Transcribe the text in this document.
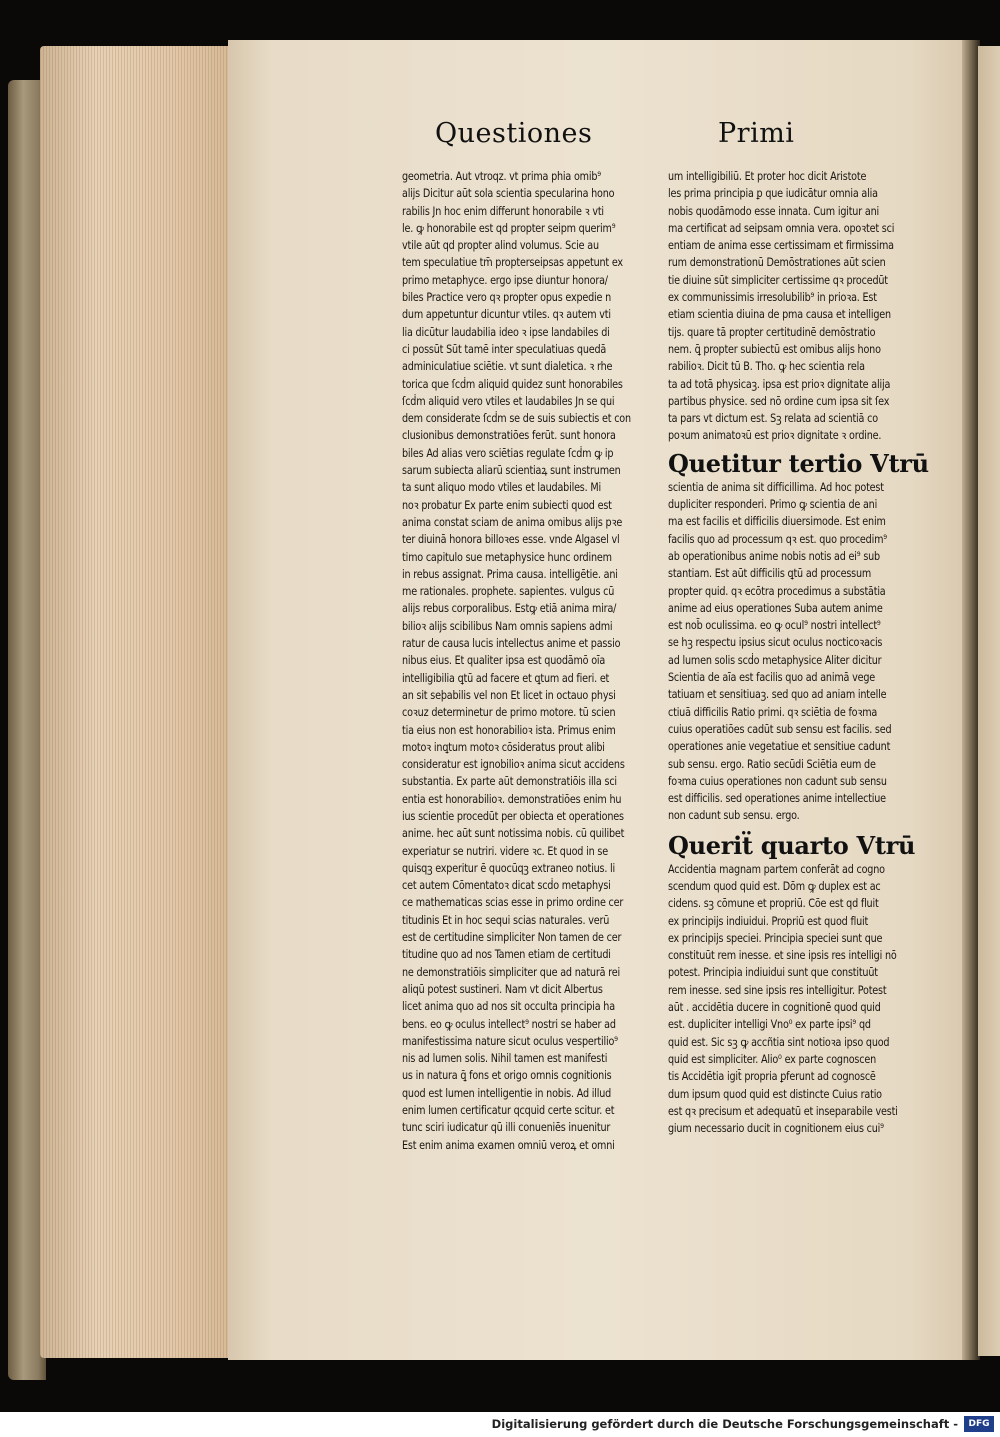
Questiones	Primi
geometria. Aut vtroqz. vt prima phia omib⁹
alijs Dicitur aūt sola scientia specularina hono
rabilis Jn hoc enim differunt honorabile ꝛ vti
le. ꝙ honorabile est qd propter seipm querim⁹
vtile aūt qd propter alind volumus. Scie au
tem speculatiue tm̄ propterseipsas appetunt ex
primo metaphyce. ergo ipse diuntur honora/
biles Practice vero qꝛ propter opus expedie n
dum appetuntur dicuntur vtiles. qꝛ autem vti
lia dicūtur laudabilia ideo ꝛ ipse landabiles di
ci possūt Sūt tamē inter speculatiuas quedā
adminiculatiue sciētie. vt sunt dialetica. ꝛ rhe
torica que ſcḋm aliquid quidez sunt honorabiles
ſcḋm aliquid vero vtiles et laudabiles Jn se qui
dem considerate ſcḋm se de suis subiectis et con
clusionibus demonstratiōes ferūt. sunt honora
biles Ad alias vero sciētias regulate ſcḋm ꝙ ip
sarum subiecta aliarū scientiaꝝ sunt instrumen
ta sunt aliquo modo vtiles et laudabiles. Mi
noꝛ probatur Ex parte enim subiecti quod est
anima constat sciam de anima omibus alijs pꝛe
ter diuinā honora billoꝛes esse. vnde Algasel vl
timo capitulo sue metaphysice hunc ordinem
in rebus assignat. Prima causa. intelligētie. ani
me rationales. prophete. sapientes. vulgus cū
alijs rebus corporalibus. Estꝙ etiā anima mira/
bilioꝛ alijs scibilibus Nam omnis sapiens admi
ratur de causa lucis intellectus anime et passio
nibus eius. Et qualiter ipsa est quodāmō oīa
intelligibilia ꝗtū ad facere et ꝗtum ad fieri. et
an sit seþabilis vel non Et licet in octauo physi
coꝛuz determinetur de primo motore. tū scien
tia eius non est honorabilioꝛ ista. Primus enim
motoꝛ inꝗtum motoꝛ cōsideratus prout alibi
consideratur est ignobilioꝛ anima sicut accidens
substantia. Ex parte aūt demonstratiōis illa sci
entia est honorabilioꝛ. demonstratiōes enim hu
ius scientie procedūt per obiecta et operationes
anime. hec aūt sunt notissima nobis. cū quilibet
experiatur se nutriri. videre ꝛc. Et quod in se
quisqꝫ experitur ē quocūqꝫ extraneo notius. li
cet autem Cōmentatoꝛ dicat scḋo metaphysi
ce mathematicas scias esse in primo ordine cer
titudinis Et in hoc sequi scias naturales. verū
est de certitudine simpliciter Non tamen de cer
titudine quo ad nos Tamen etiam de certitudi
ne demonstratiōis simpliciter que ad naturā rei
aliqū potest sustineri. Nam vt dicit Albertus
licet anima quo ad nos sit occulta principia ha
bens. eo ꝙ oculus intellect⁹ nostri se haber ad
manifestissima nature sicut oculus vespertilio⁹
nis ad lumen solis. Nihil tamen est manifesti
us in natura ꝗ̄ fons et origo omnis cognitionis
quod est lumen intelligentie in nobis. Ad illud
enim lumen certificatur qcquid certe scitur. et
tunc sciri iudicatur qū illi conueniēs inuenitur
Est enim anima examen omniū veroꝝ et omni
um intelligibiliū. Et proter hoc dicit Aristote
les prima principia ꝑ que iudicātur omnia alia
nobis quodāmodo esse innata. Cum igitur ani
ma certificat ad seipsam omnia vera. opoꝛtet sci
entiam de anima esse certissimam et firmissima
rum demonstrationū Demōstrationes aūt scien
tie diuine sūt simpliciter certissime qꝛ procedūt
ex communissimis irresolubilib⁹ in prioꝛa. Est
etiam scientia diuina de pma causa et intelligen
tijs. quare tā propter certitudinē demōstratio
nem. ꝗ̄ propter subiectū est omibus alijs hono
rabilioꝛ. Dicit tū B. Tho. ꝙ hec scientia rela
ta ad totā physicaꝫ. ipsa est prioꝛ dignitate alija
partibus physice. sed nō ordine cum ipsa sit ſex
ta pars vt dictum est. Sꝫ relata ad scientiā co
poꝛum animatoꝛū est prioꝛ dignitate ꝛ ordine.
Quetitur tertio Vtrū
scientia de anima sit difficillima. Ad hoc potest
dupliciter responderi. Primo ꝙ scientia de ani
ma est facilis et difficilis diuersimode. Est enim
facilis quo ad processum qꝛ est. quo procedim⁹
ab operationibus anime nobis notis ad ei⁹ sub
stantiam. Est aūt difficilis ꝗtū ad processum
propter quid. qꝛ ecōtra procedimus a substātia
anime ad eius operationes Suba autem anime
est nob̄ oculissima. eo ꝙ ocul⁹ nostri intellect⁹
se hꝫ respectu ipsius sicut oculus nocticoꝛacis
ad lumen solis scḋo metaphysice Aliter dicitur
Scientia de aīa est facilis quo ad animā vege
tatiuam et sensitiuaꝫ. sed quo ad aniam intelle
ctiuā difficilis Ratio primi. qꝛ sciētia de foꝛma
cuius operatiōes cadūt sub sensu est facilis. sed
operationes anie vegetatiue et sensitiue cadunt
sub sensu. ergo. Ratio secūdi Sciētia eum de
foꝛma cuius operationes non cadunt sub sensu
est difficilis. sed operationes anime intellectiue
non cadunt sub sensu. ergo.
Queriẗ quarto Vtrū
Accidentia magnam partem conferāt ad cogno
scendum quod quid est. Dōm ꝙ duplex est ac
cidens. sꝫ cōmune et propriū. Cōe est qd fluit
ex principijs indiuidui. Propriū est quod fluit
ex principijs speciei. Principia speciei sunt que
constituūt rem inesse. et sine ipsis res intelligi nō
potest. Principia indiuidui sunt que constituūt
rem inesse. sed sine ipsis res intelligitur. Potest
aūt . accidētia ducere in cognitionē quod quid
est. dupliciter intelligi Vno⁰ ex parte ipsi⁹ qd
quid est. Sic sꝫ ꝙ accñtia sint notioꝛa ipso quod
quid est simpliciter. Alio⁰ ex parte cognoscen
tis Accidētia igit̄ propria ꝑferunt ad cognoscē
dum ipsum quod quid est distincte Cuius ratio
est qꝛ precisum et adequatū et inseparabile vesti
gium necessario ducit in cognitionem eius cui⁹
Digitalisierung gefördert durch die Deutsche Forschungsgemeinschaft -	DFG
